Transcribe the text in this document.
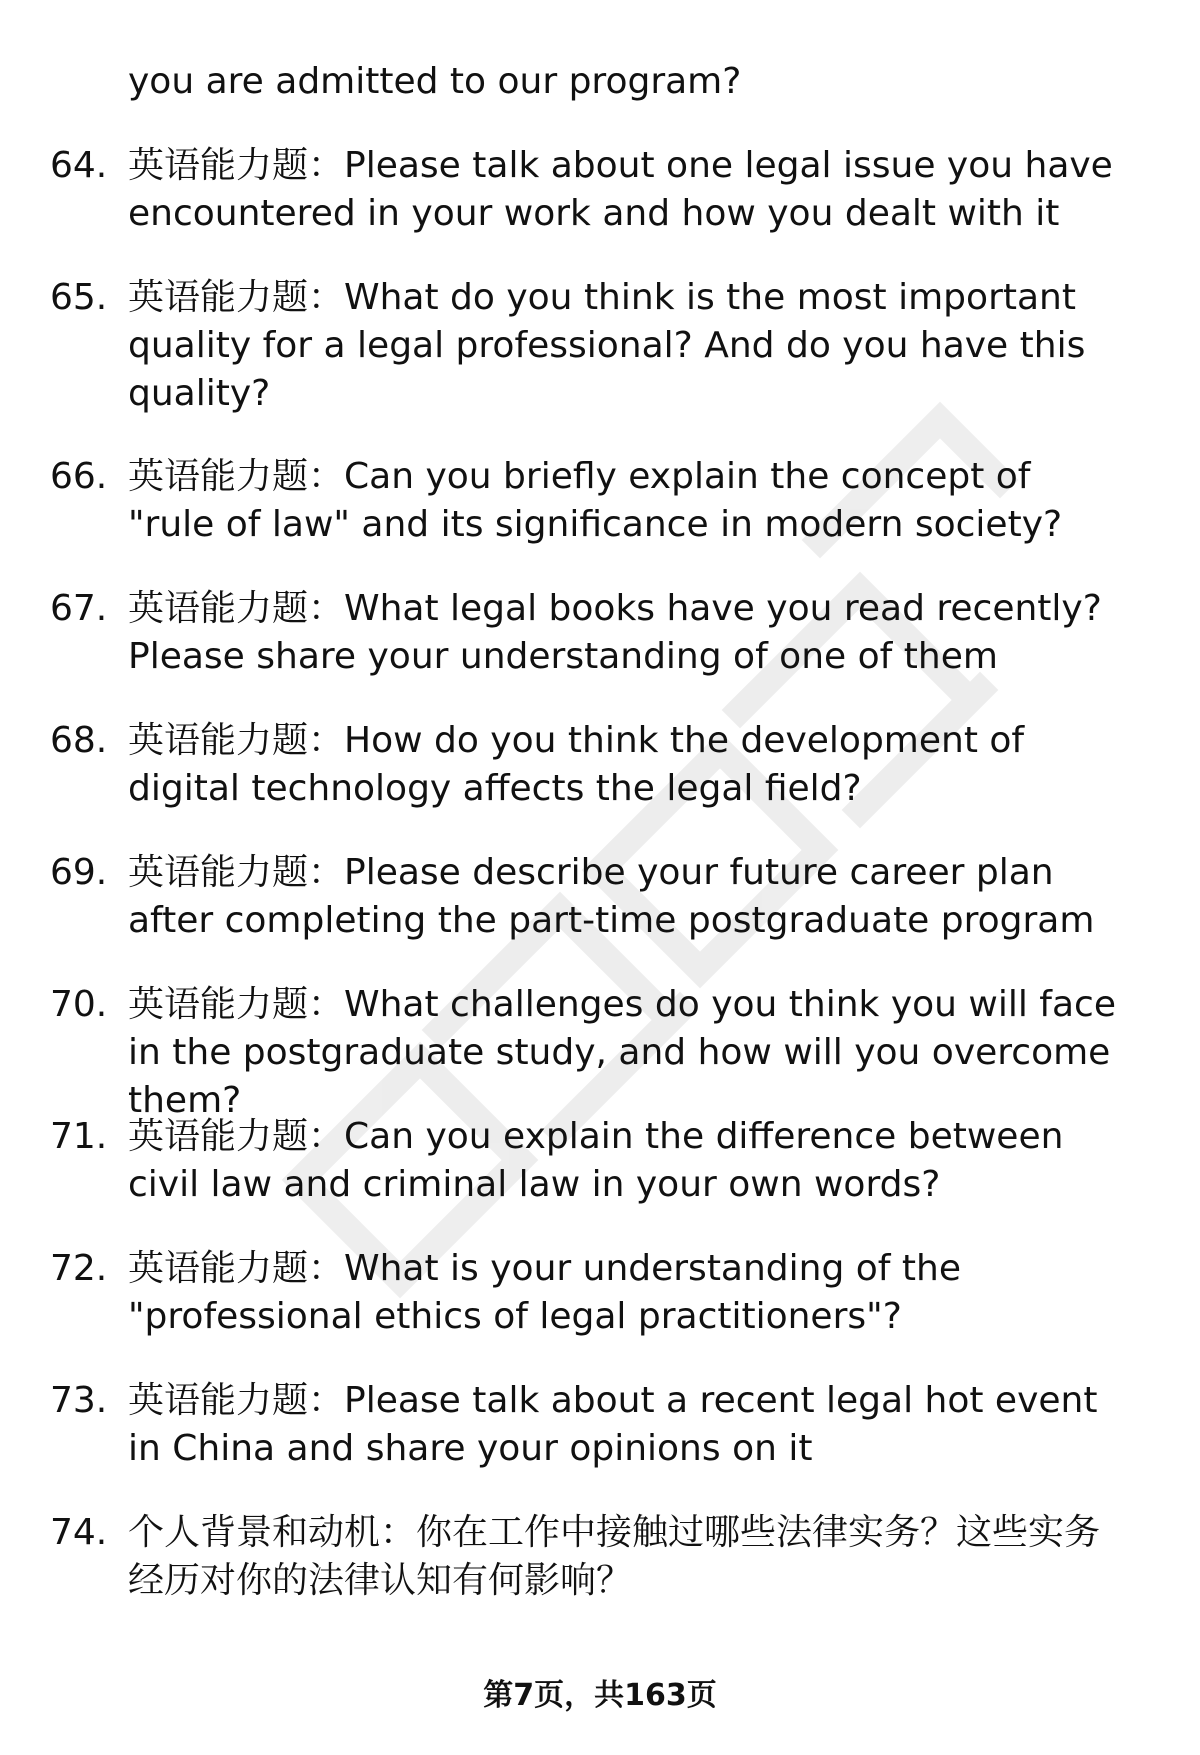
you are admitted to our program?
64. 英语能力题：Please talk about one legal issue you have encountered in your work and how you dealt with it
65. 英语能力题：What do you think is the most important quality for a legal professional? And do you have this quality?
66. 英语能力题：Can you briefly explain the concept of "rule of law" and its significance in modern society?
67. 英语能力题：What legal books have you read recently? Please share your understanding of one of them
68. 英语能力题：How do you think the development of digital technology affects the legal field?
69. 英语能力题：Please describe your future career plan after completing the part-time postgraduate program
70. 英语能力题：What challenges do you think you will face in the postgraduate study, and how will you overcome them?
71. 英语能力题：Can you explain the difference between civil law and criminal law in your own words?
72. 英语能力题：What is your understanding of the "professional ethics of legal practitioners"?
73. 英语能力题：Please talk about a recent legal hot event in China and share your opinions on it
74. 个人背景和动机：你在工作中接触过哪些法律实务？这些实务经历对你的法律认知有何影响？
第7页，共163页
